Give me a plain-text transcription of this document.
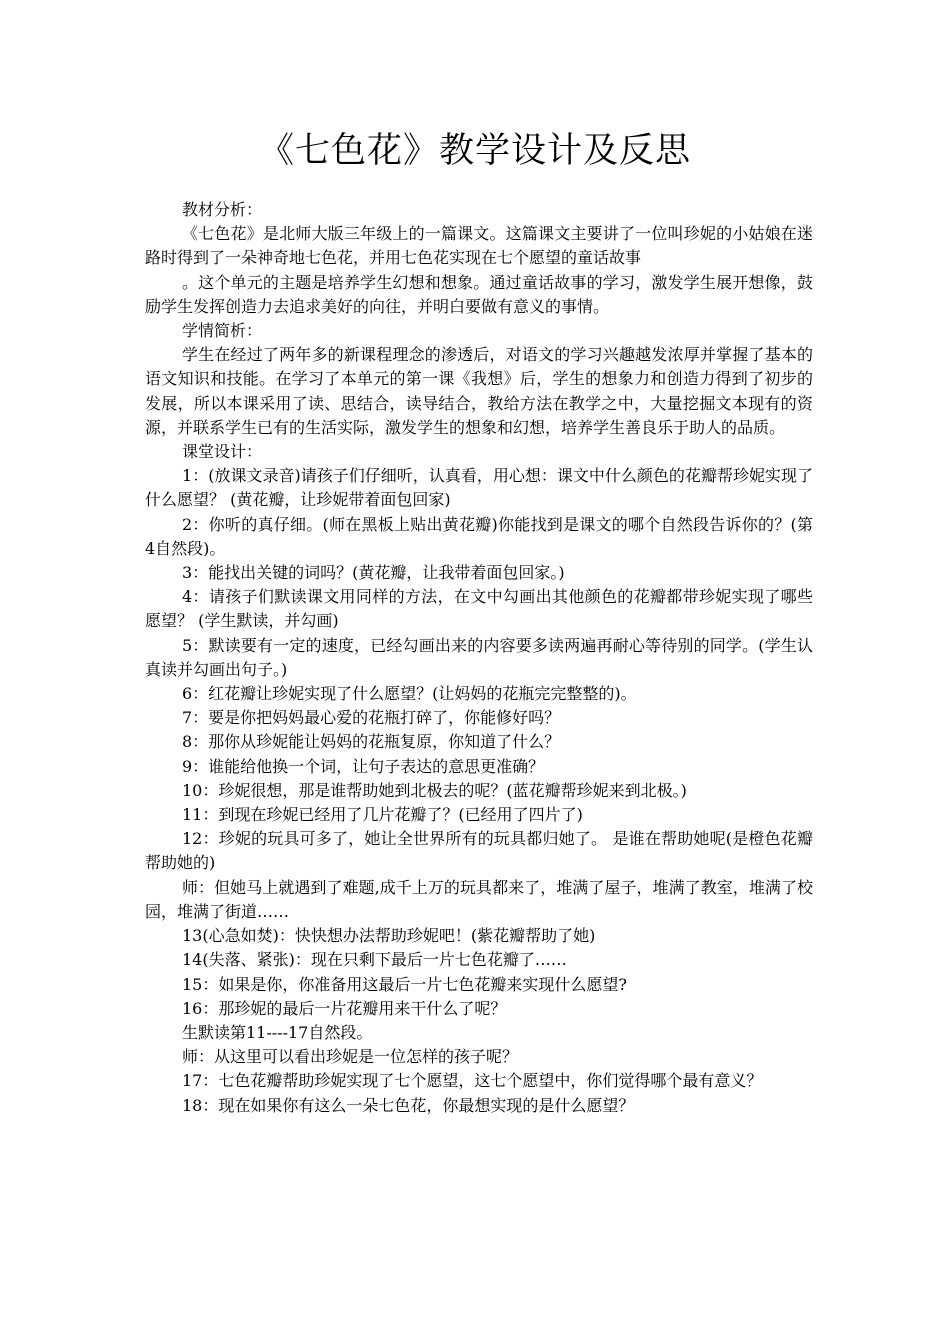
《七色花》教学设计及反思

教材分析：

《七色花》是北师大版三年级上的一篇课文。这篇课文主要讲了一位叫珍妮的小姑娘在迷路时得到了一朵神奇地七色花，并用七色花实现在七个愿望的童话故事

。这个单元的主题是培养学生幻想和想象。通过童话故事的学习，激发学生展开想像，鼓励学生发挥创造力去追求美好的向往，并明白要做有意义的事情。

学情简析：

学生在经过了两年多的新课程理念的渗透后，对语文的学习兴趣越发浓厚并掌握了基本的语文知识和技能。在学习了本单元的第一课《我想》后，学生的想象力和创造力得到了初步的发展，所以本课采用了读、思结合，读导结合，教给方法在教学之中，大量挖掘文本现有的资源，并联系学生已有的生活实际，激发学生的想象和幻想，培养学生善良乐于助人的品质。

课堂设计：

1：(放课文录音)请孩子们仔细听，认真看，用心想：课文中什么颜色的花瓣帮珍妮实现了什么愿望？ (黄花瓣，让珍妮带着面包回家)

2：你听的真仔细。(师在黑板上贴出黄花瓣)你能找到是课文的哪个自然段告诉你的？(第4自然段)。

3：能找出关键的词吗？(黄花瓣，让我带着面包回家。)

4：请孩子们默读课文用同样的方法，在文中勾画出其他颜色的花瓣都带珍妮实现了哪些愿望？ (学生默读，并勾画)

5：默读要有一定的速度，已经勾画出来的内容要多读两遍再耐心等待别的同学。(学生认真读并勾画出句子。)

6：红花瓣让珍妮实现了什么愿望？(让妈妈的花瓶完完整整的)。

7：要是你把妈妈最心爱的花瓶打碎了，你能修好吗？

8：那你从珍妮能让妈妈的花瓶复原，你知道了什么？

9：谁能给他换一个词，让句子表达的意思更准确？

10：珍妮很想，那是谁帮助她到北极去的呢？(蓝花瓣帮珍妮来到北极。)

11：到现在珍妮已经用了几片花瓣了？(已经用了四片了)

12：珍妮的玩具可多了，她让全世界所有的玩具都归她了。 是谁在帮助她呢(是橙色花瓣帮助她的)

师：但她马上就遇到了难题,成千上万的玩具都来了，堆满了屋子，堆满了教室，堆满了校园，堆满了街道……

13(心急如焚)：快快想办法帮助珍妮吧！(紫花瓣帮助了她)

14(失落、紧张)：现在只剩下最后一片七色花瓣了……

15：如果是你，你准备用这最后一片七色花瓣来实现什么愿望?

16：那珍妮的最后一片花瓣用来干什么了呢？

生默读第11----17自然段。

师：从这里可以看出珍妮是一位怎样的孩子呢？

17：七色花瓣帮助珍妮实现了七个愿望，这七个愿望中，你们觉得哪个最有意义？

18：现在如果你有这么一朵七色花，你最想实现的是什么愿望？
